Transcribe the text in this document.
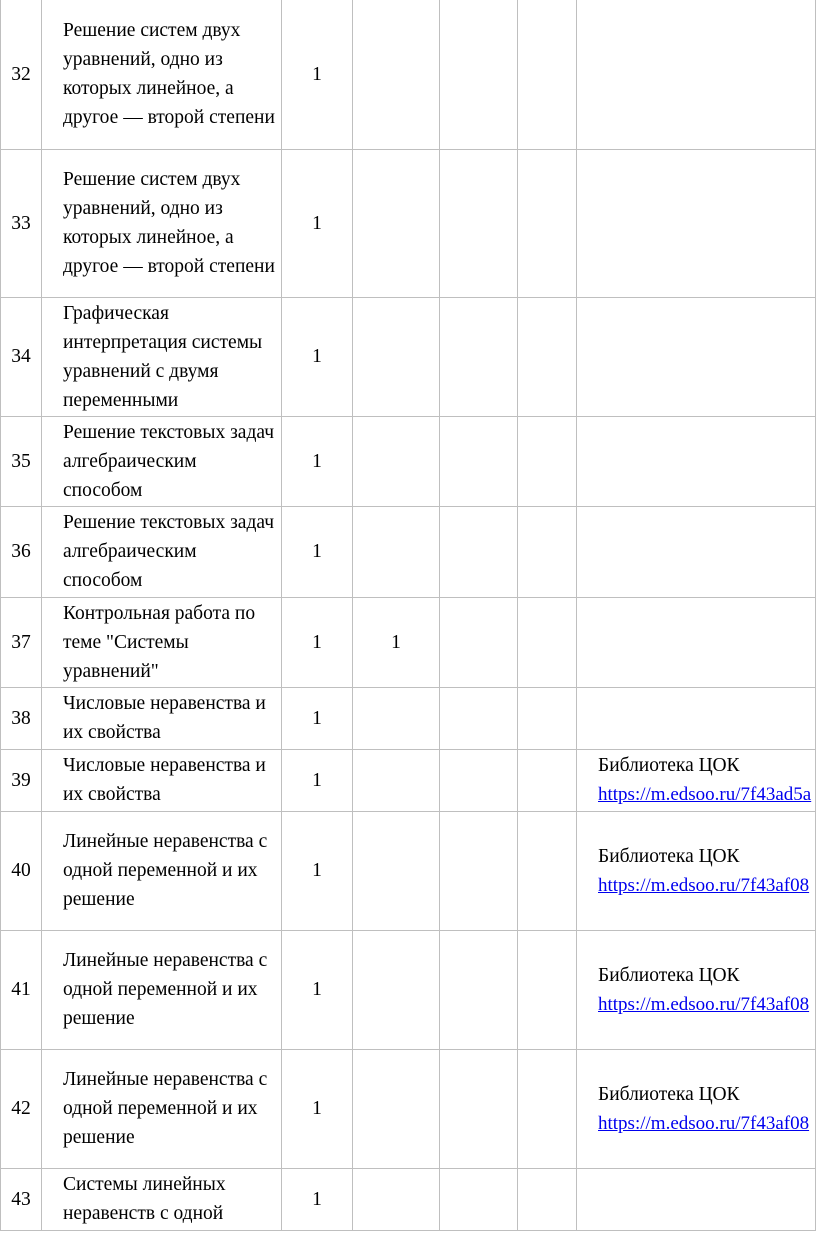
32	Решение систем двух уравнений, одно из которых линейное, а другое — второй степени	1				
33	Решение систем двух уравнений, одно из которых линейное, а другое — второй степени	1				
34	Графическая интерпретация системы уравнений с двумя переменными	1				
35	Решение текстовых задач алгебраическим способом	1				
36	Решение текстовых задач алгебраическим способом	1				
37	Контрольная работа по теме "Системы уравнений"	1	1			
38	Числовые неравенства и их свойства	1				
39	Числовые неравенства и их свойства	1				Библиотека ЦОК
https://m.edsoo.ru/7f43ad5a

40	Линейные неравенства с одной переменной и их решение	1				Библиотека ЦОК
https://m.edsoo.ru/7f43af08

41	Линейные неравенства с одной переменной и их решение	1				Библиотека ЦОК
https://m.edsoo.ru/7f43af08

42	Линейные неравенства с одной переменной и их решение	1				Библиотека ЦОК
https://m.edsoo.ru/7f43af08

43	Системы линейных неравенств с одной	1				
